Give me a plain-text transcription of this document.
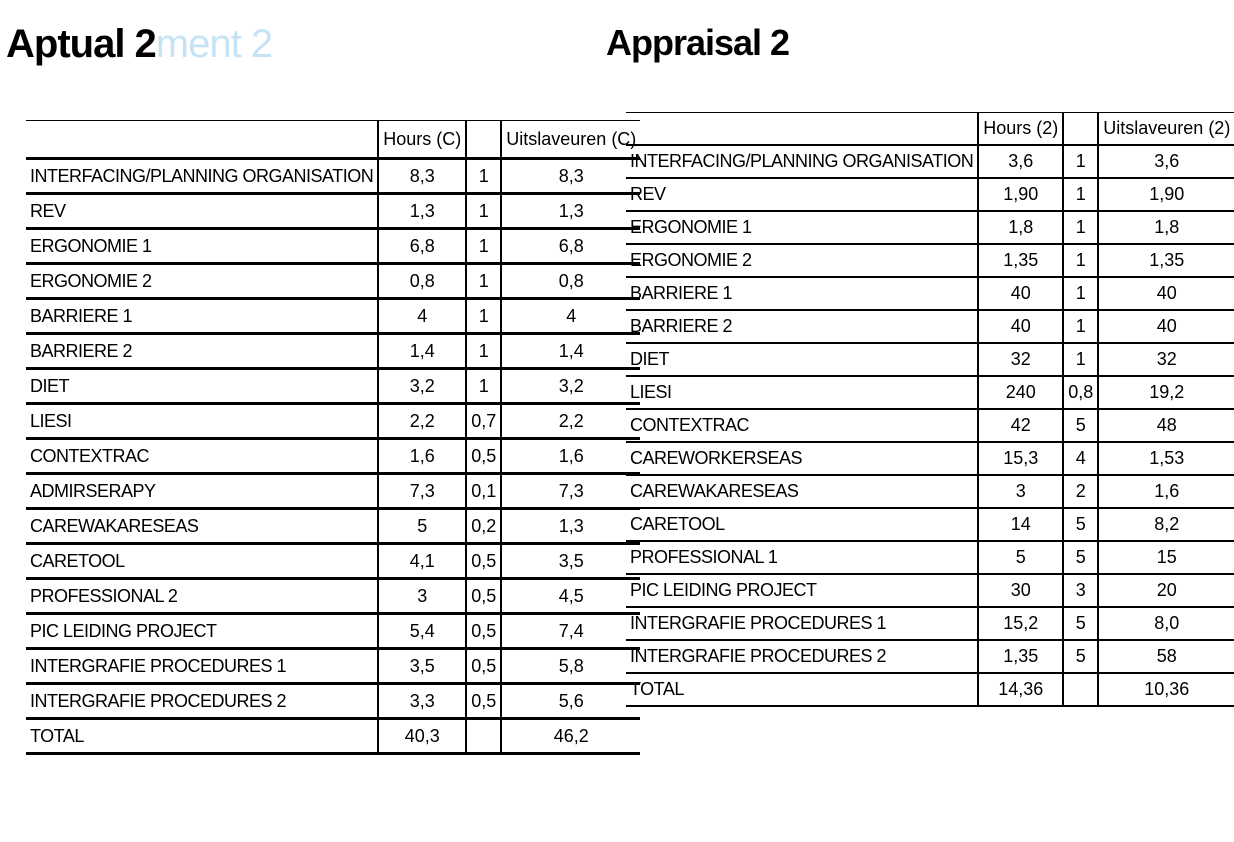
Aptual 2ment 2
	Hours (C)		Uitslaveuren (C)
INTERFACING/PLANNING ORGANISATION	8,3	1	8,3
REV	1,3	1	1,3
ERGONOMIE 1	6,8	1	6,8
ERGONOMIE 2	0,8	1	0,8
BARRIERE 1	4	1	4
BARRIERE 2	1,4	1	1,4
DIET	3,2	1	3,2
LIESI	2,2	0,7	2,2
CONTEXTRAC	1,6	0,5	1,6
ADMIRSERAPY	7,3	0,1	7,3
CAREWAKARESEAS	5	0,2	1,3
CARETOOL	4,1	0,5	3,5
PROFESSIONAL 2	3	0,5	4,5
PIC LEIDING PROJECT	5,4	0,5	7,4
INTERGRAFIE PROCEDURES 1	3,5	0,5	5,8
INTERGRAFIE PROCEDURES 2	3,3	0,5	5,6
TOTAL	40,3		46,2
Appraisal 2
	Hours (2)		Uitslaveuren (2)
INTERFACING/PLANNING ORGANISATION	3,6	1	3,6
REV	1,90	1	1,90
ERGONOMIE 1	1,8	1	1,8
ERGONOMIE 2	1,35	1	1,35
BARRIERE 1	40	1	40
BARRIERE 2	40	1	40
DIET	32	1	32
LIESI	240	0,8	19,2
CONTEXTRAC	42	5	48
CAREWORKERSEAS	15,3	4	1,53
CAREWAKARESEAS	3	2	1,6
CARETOOL	14	5	8,2
PROFESSIONAL 1	5	5	15
PIC LEIDING PROJECT	30	3	20
INTERGRAFIE PROCEDURES 1	15,2	5	8,0
INTERGRAFIE PROCEDURES 2	1,35	5	58
TOTAL	14,36		10,36
